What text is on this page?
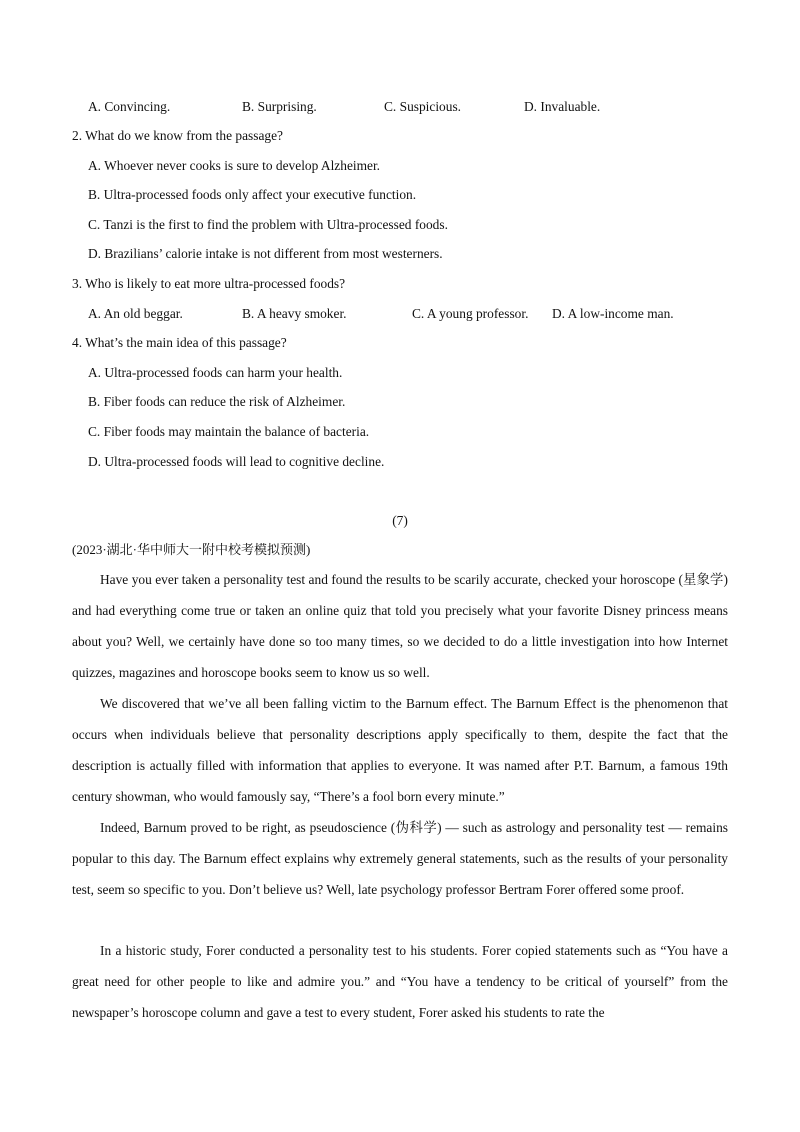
A. Convincing.	B. Surprising.	C. Suspicious.	D. Invaluable.
2. What do we know from the passage?
A. Whoever never cooks is sure to develop Alzheimer.
B. Ultra-processed foods only affect your executive function.
C. Tanzi is the first to find the problem with Ultra-processed foods.
D. Brazilians’ calorie intake is not different from most westerners.
3. Who is likely to eat more ultra-processed foods?
A. An old beggar.	B. A heavy smoker.	C. A young professor. D. A low-income man.
4. What’s the main idea of this passage?
A. Ultra-processed foods can harm your health.
B. Fiber foods can reduce the risk of Alzheimer.
C. Fiber foods may maintain the balance of bacteria.
D. Ultra-processed foods will lead to cognitive decline.
(7)
(2023·湖北·华中师大一附中校考模拟预测)

Have you ever taken a personality test and found the results to be scarily accurate, checked your horoscope (星象学) and had everything come true or taken an online quiz that told you precisely what your favorite Disney princess means about you? Well, we certainly have done so too many times, so we decided to do a little investigation into how Internet quizzes, magazines and horoscope books seem to know us so well.

We discovered that we’ve all been falling victim to the Barnum effect. The Barnum Effect is the phenomenon that occurs when individuals believe that personality descriptions apply specifically to them, despite the fact that the description is actually filled with information that applies to everyone. It was named after P.T. Barnum, a famous 19th century showman, who would famously say, “There’s a fool born every minute.”

Indeed, Barnum proved to be right, as pseudoscience (伪科学) — such as astrology and personality test — remains popular to this day. The Barnum effect explains why extremely general statements, such as the results of your personality test, seem so specific to you. Don’t believe us? Well, late psychology professor Bertram Forer offered some proof.

In a historic study, Forer conducted a personality test to his students. Forer copied statements such as “You have a great need for other people to like and admire you.” and “You have a tendency to be critical of yourself” from the newspaper’s horoscope column and gave a test to every student, Forer asked his students to rate the
